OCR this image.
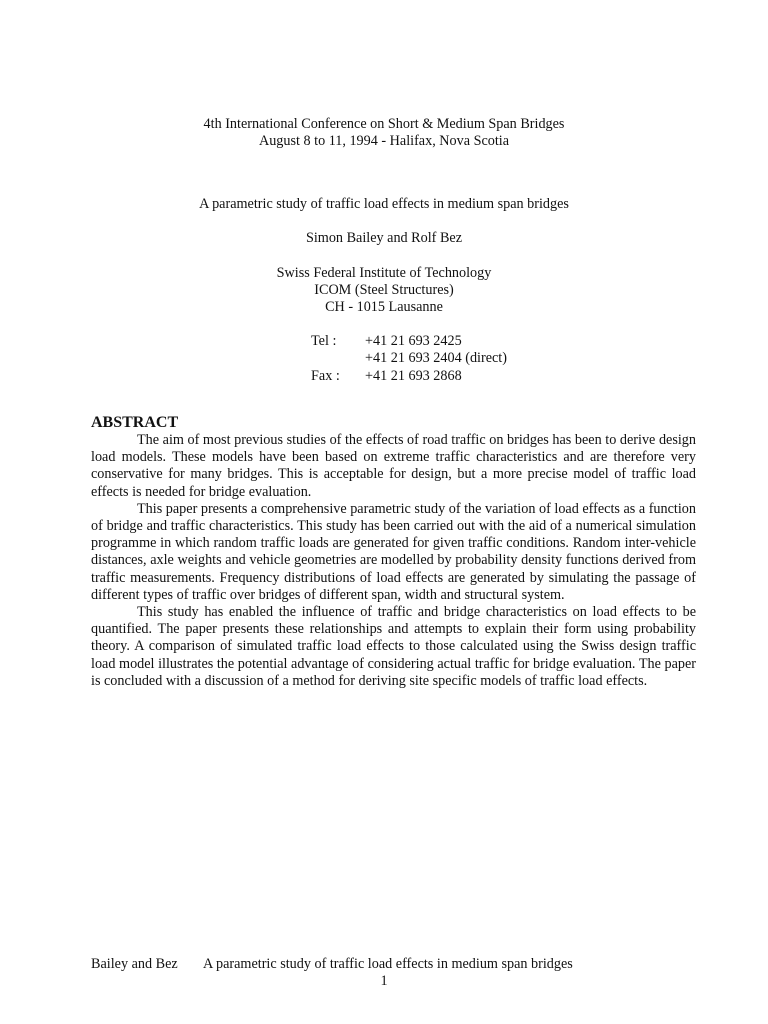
4th International Conference on Short & Medium Span Bridges
August 8 to 11, 1994 - Halifax, Nova Scotia
A parametric study of traffic load effects in medium span bridges
Simon Bailey and Rolf Bez
Swiss Federal Institute of Technology
ICOM (Steel Structures)
CH - 1015 Lausanne
Tel :	+41 21 693 2425
+41 21 693 2404 (direct)
Fax :	+41 21 693 2868
ABSTRACT

The aim of most previous studies of the effects of road traffic on bridges has been to derive design load models. These models have been based on extreme traffic characteristics and are therefore very conservative for many bridges. This is acceptable for design, but a more precise model of traffic load effects is needed for bridge evaluation.

This paper presents a comprehensive parametric study of the variation of load effects as a function of bridge and traffic characteristics. This study has been carried out with the aid of a numerical simulation programme in which random traffic loads are generated for given traffic conditions. Random inter-vehicle distances, axle weights and vehicle geometries are modelled by probability density functions derived from traffic measurements. Frequency distributions of load effects are generated by simulating the passage of different types of traffic over bridges of different span, width and structural system.

This study has enabled the influence of traffic and bridge characteristics on load effects to be quantified. The paper presents these relationships and attempts to explain their form using probability theory. A comparison of simulated traffic load effects to those calculated using the Swiss design traffic load model illustrates the potential advantage of considering actual traffic for bridge evaluation. The paper is concluded with a discussion of a method for deriving site specific models of traffic load effects.

Bailey and Bez A parametric study of traffic load effects in medium span bridges
1
